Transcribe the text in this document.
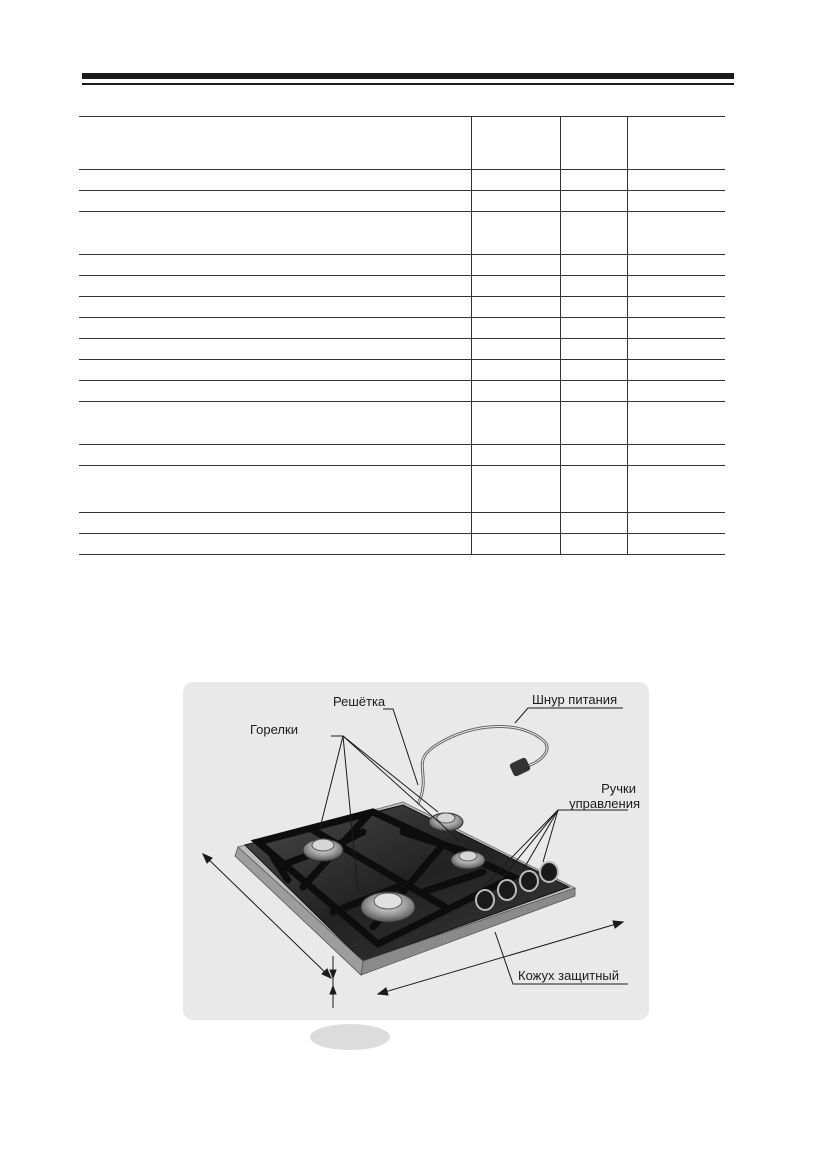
Решётка	Шнур питания
Горелки
Ручки
управления
Кожух защитный
